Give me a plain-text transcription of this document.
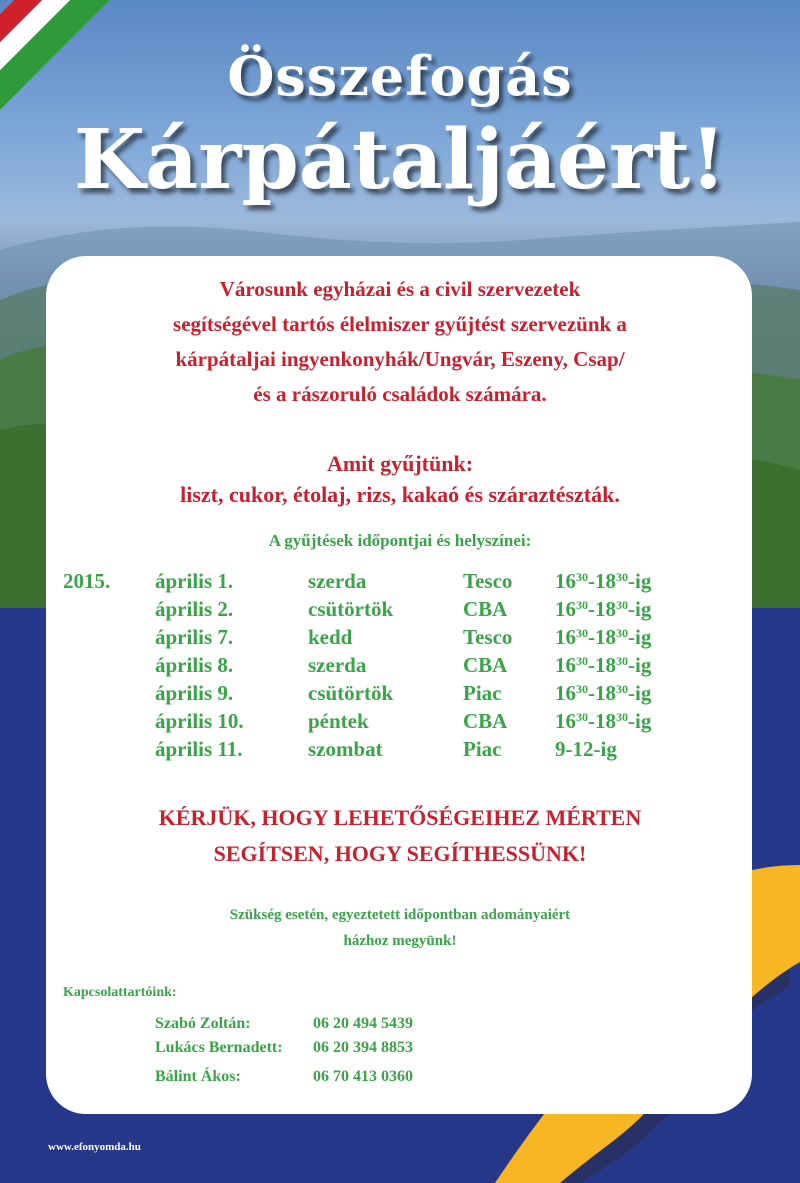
Összefogás
Kárpátaljáért!
Városunk egyházai és a civil szervezetek
segítségével tartós élelmiszer gyűjtést szervezünk a
kárpátaljai ingyenkonyhák/Ungvár, Eszeny, Csap/
és a rászoruló családok számára.
Amit gyűjtünk:
liszt, cukor, étolaj, rizs, kakaó és száraztészták.
A gyűjtések időpontjai és helyszínei:
2015. április 1.	szerda	Tesco $16^{30}-18^{30}-ig$
április 2.	csütörtök	CBA $16^{30}-18^{30}-ig$
április 7.	kedd	Tesco $16^{30}-18^{30}-ig$
április 8.	szerda	CBA $16^{30}-18^{30}-ig$
április 9.	csütörtök	Piac	$16^{30}-18^{30}-ig$
április 10.	péntek	CBA $16^{30}-18^{30}-ig$
április 11.	szombat	Piac	9-12-ig
KÉRJÜK, HOGY LEHETŐSÉGEIHEZ MÉRTEN
SEGÍTSEN, HOGY SEGÍTHESSÜNK!
Szükség esetén, egyeztetett időpontban adományaiért
házhoz megyünk!
Kapcsolattartóink:
Szabó Zoltán:	06 20 494 5439
Lukács Bernadett: 06 20 394 8853
Bálint Ákos:	06 70 413 0360
www.efonyomda.hu
